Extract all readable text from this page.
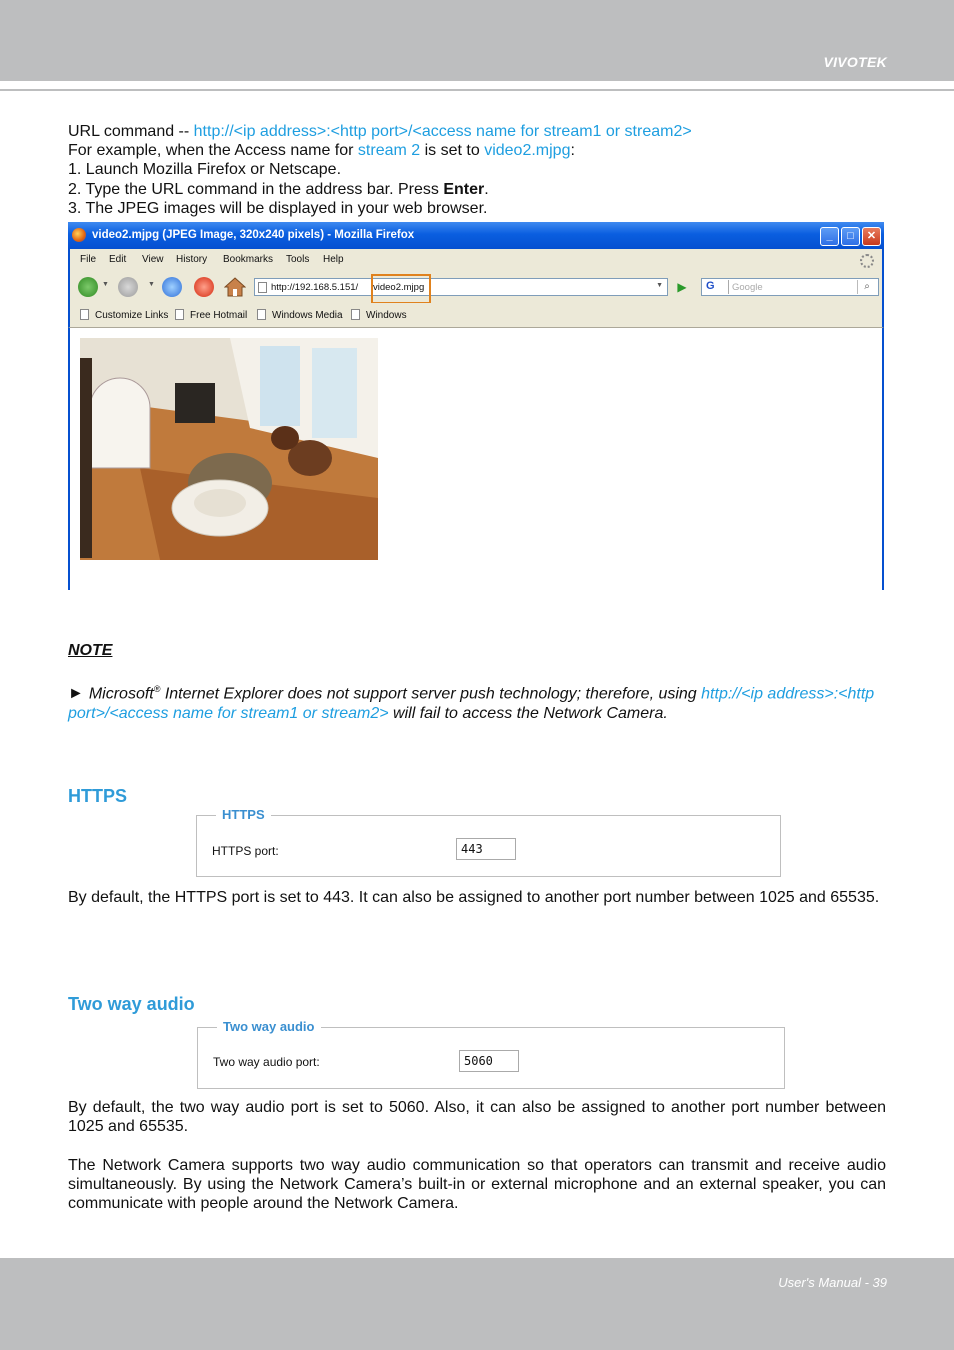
VIVOTEK
URL command -- http://<ip address>:<http port>/<access name for stream1 or stream2>
For example, when the Access name for stream 2 is set to video2.mjpg:
1. Launch Mozilla Firefox or Netscape.
2. Type the URL command in the address bar. Press Enter.
3. The JPEG images will be displayed in your web browser.
video2.mjpg (JPEG Image, 320x240 pixels) - Mozilla Firefox	_	□	✕
File Edit View History Bookmarks Tools Help
▼	▼	http://192.168.5.151/ video2.mjpg	▼	▶	G	Google	⌕
Customize Links	Free Hotmail	Windows Media	Windows
NOTE
► Microsoft® Internet Explorer does not support server push technology; therefore, using http://<ip address>:<http port>/<access name for stream1 or stream2> will fail to access the Network Camera.
HTTPS
HTTPS
HTTPS port:	443
By default, the HTTPS port is set to 443. It can also be assigned to another port number between 1025 and 65535.
Two way audio
Two way audio
Two way audio port:	5060
By default, the two way audio port is set to 5060. Also, it can also be assigned to another port number between 1025 and 65535.
The Network Camera supports two way audio communication so that operators can transmit and receive audio simultaneously. By using the Network Camera’s built-in or external microphone and an external speaker, you can communicate with people around the Network Camera.
User's Manual - 39
